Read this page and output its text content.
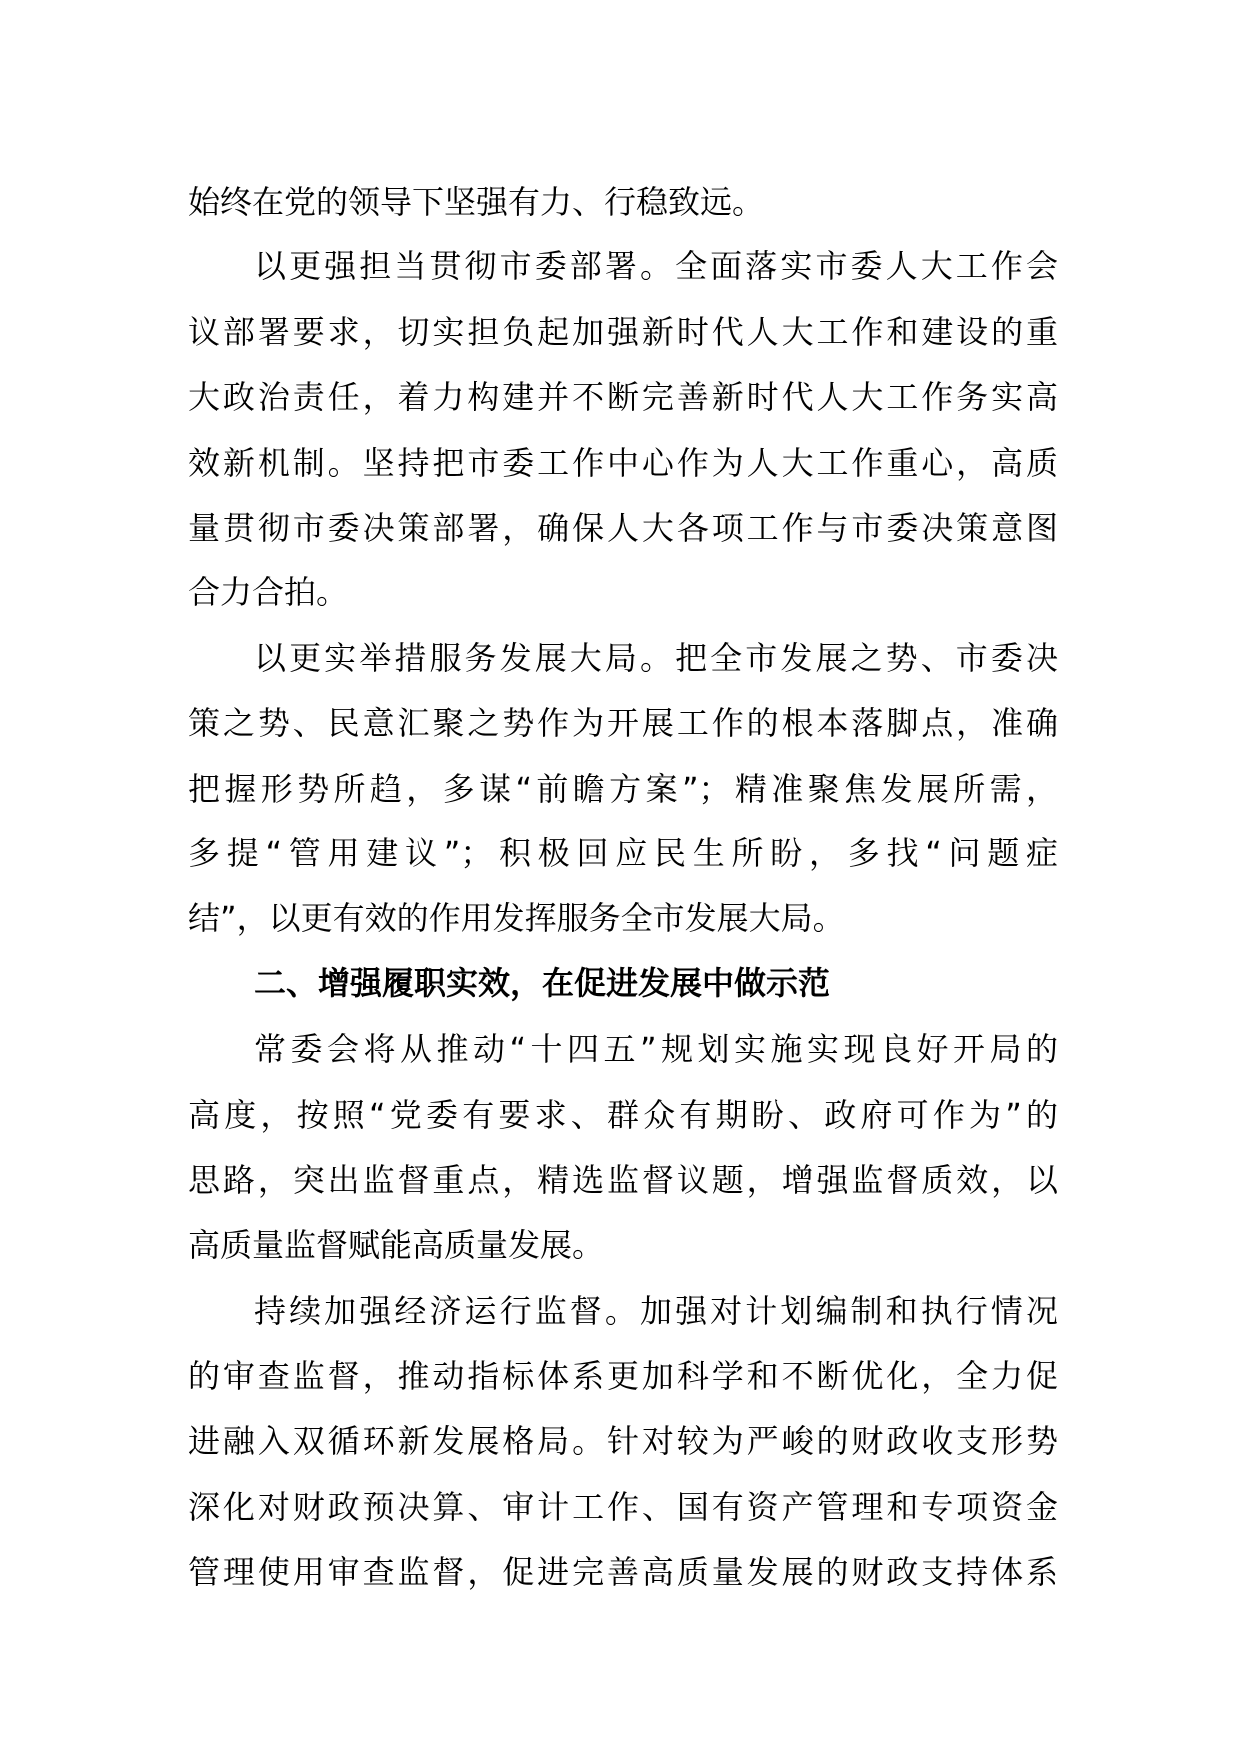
始终在党的领导下坚强有力、行稳致远。
以更强担当贯彻市委部署。全面落实市委人大工作会
议部署要求，切实担负起加强新时代人大工作和建设的重
大政治责任，着力构建并不断完善新时代人大工作务实高
效新机制。坚持把市委工作中心作为人大工作重心，高质
量贯彻市委决策部署，确保人大各项工作与市委决策意图
合力合拍。
以更实举措服务发展大局。把全市发展之势、市委决
策之势、民意汇聚之势作为开展工作的根本落脚点，准确
把握形势所趋，多谋“前瞻方案”；精准聚焦发展所需，
多提“管用建议”；积极回应民生所盼，多找“问题症
结”，以更有效的作用发挥服务全市发展大局。
二、增强履职实效，在促进发展中做示范
常委会将从推动“十四五”规划实施实现良好开局的
高度，按照“党委有要求、群众有期盼、政府可作为”的
思路，突出监督重点，精选监督议题，增强监督质效，以
高质量监督赋能高质量发展。
持续加强经济运行监督。加强对计划编制和执行情况
的审查监督，推动指标体系更加科学和不断优化，全力促
进融入双循环新发展格局。针对较为严峻的财政收支形势
深化对财政预决算、审计工作、国有资产管理和专项资金
管理使用审查监督，促进完善高质量发展的财政支持体系
